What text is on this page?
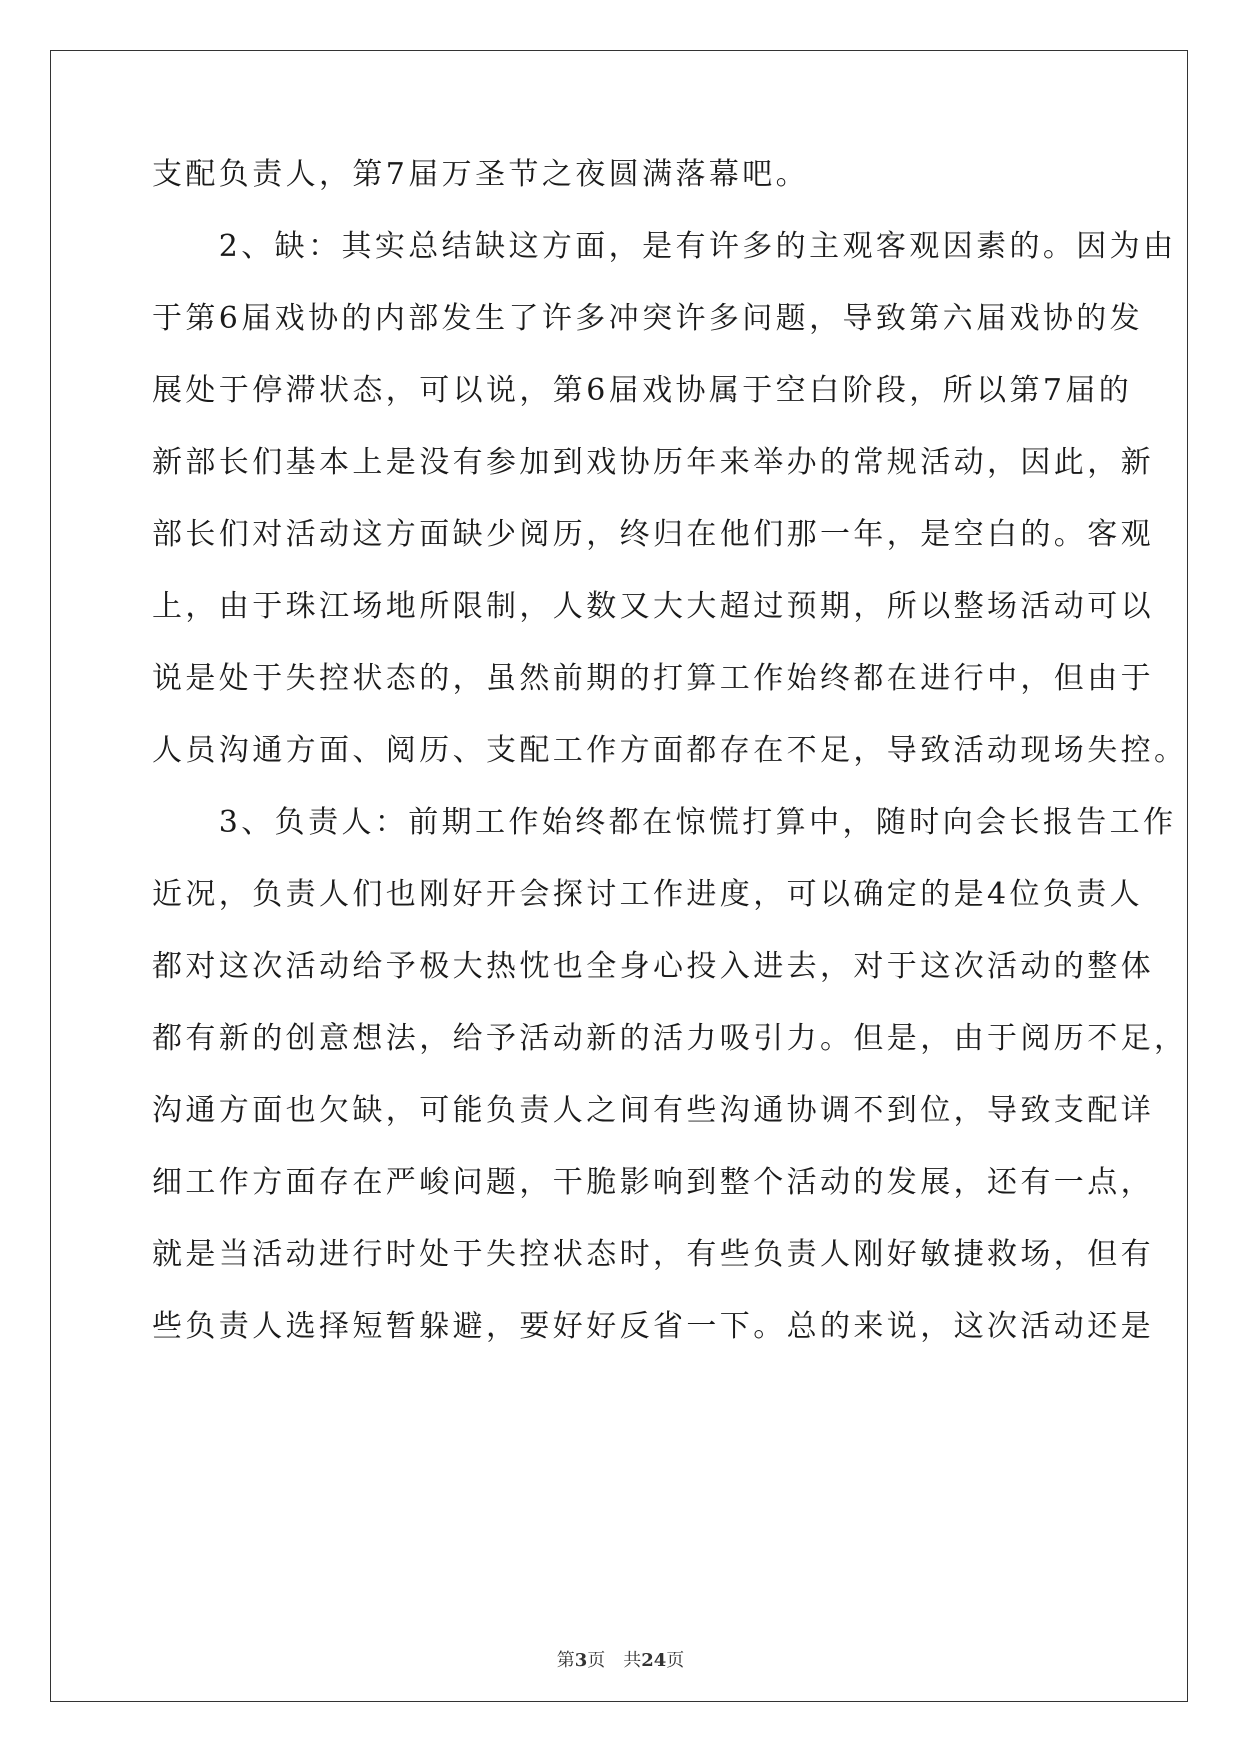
支配负责人，第7届万圣节之夜圆满落幕吧。
　　2、缺：其实总结缺这方面，是有许多的主观客观因素的。因为由
于第6届戏协的内部发生了许多冲突许多问题，导致第六届戏协的发
展处于停滞状态，可以说，第6届戏协属于空白阶段，所以第7届的
新部长们基本上是没有参加到戏协历年来举办的常规活动，因此，新
部长们对活动这方面缺少阅历，终归在他们那一年，是空白的。客观
上，由于珠江场地所限制，人数又大大超过预期，所以整场活动可以
说是处于失控状态的，虽然前期的打算工作始终都在进行中，但由于
人员沟通方面、阅历、支配工作方面都存在不足，导致活动现场失控。
　　3、负责人：前期工作始终都在惊慌打算中，随时向会长报告工作
近况，负责人们也刚好开会探讨工作进度，可以确定的是4位负责人
都对这次活动给予极大热忱也全身心投入进去，对于这次活动的整体
都有新的创意想法，给予活动新的活力吸引力。但是，由于阅历不足，
沟通方面也欠缺，可能负责人之间有些沟通协调不到位，导致支配详
细工作方面存在严峻问题，干脆影响到整个活动的发展，还有一点，
就是当活动进行时处于失控状态时，有些负责人刚好敏捷救场，但有
些负责人选择短暂躲避，要好好反省一下。总的来说，这次活动还是
第3页　共24页
